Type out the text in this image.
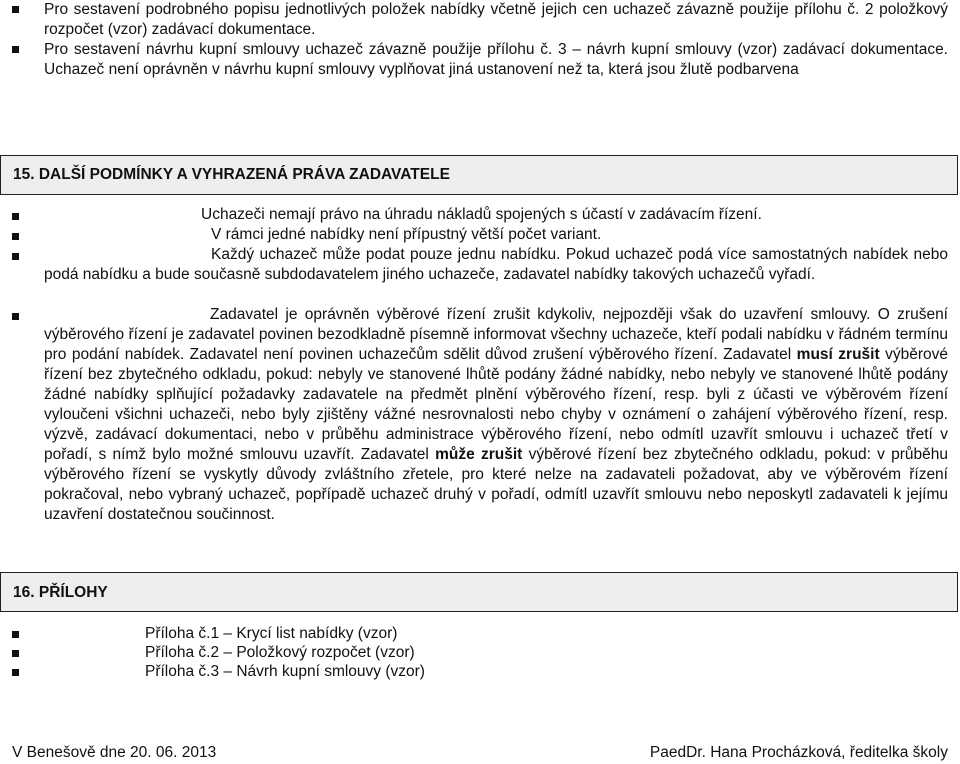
Pro sestavení podrobného popisu jednotlivých položek nabídky včetně jejich cen uchazeč závazně použije přílohu č. 2 položkový rozpočet (vzor) zadávací dokumentace.
Pro sestavení návrhu kupní smlouvy uchazeč závazně použije přílohu č. 3 – návrh kupní smlouvy (vzor) zadávací dokumentace. Uchazeč není oprávněn v návrhu kupní smlouvy vyplňovat jiná ustanovení než ta, která jsou žlutě podbarvena
15. DALŠÍ PODMÍNKY A VYHRAZENÁ PRÁVA ZADAVATELE
Uchazeči nemají právo na úhradu nákladů spojených s účastí v zadávacím řízení.
V rámci jedné nabídky není přípustný větší počet variant.
Každý uchazeč může podat pouze jednu nabídku. Pokud uchazeč podá více samostatných nabídek nebo podá nabídku a bude současně subdodavatelem jiného uchazeče, zadavatel nabídky takových uchazečů vyřadí.
Zadavatel je oprávněn výběrové řízení zrušit kdykoliv, nejpozději však do uzavření smlouvy. O zrušení výběrového řízení je zadavatel povinen bezodkladně písemně informovat všechny uchazeče, kteří podali nabídku v řádném termínu pro podání nabídek. Zadavatel není povinen uchazečům sdělit důvod zrušení výběrového řízení. Zadavatel musí zrušit výběrové řízení bez zbytečného odkladu, pokud: nebyly ve stanovené lhůtě podány žádné nabídky, nebo nebyly ve stanovené lhůtě podány žádné nabídky splňující požadavky zadavatele na předmět plnění výběrového řízení, resp. byli z účasti ve výběrovém řízení vyloučeni všichni uchazeči, nebo byly zjištěny vážné nesrovnalosti nebo chyby v oznámení o zahájení výběrového řízení, resp. výzvě, zadávací dokumentaci, nebo v průběhu administrace výběrového řízení, nebo odmítl uzavřít smlouvu i uchazeč třetí v pořadí, s nímž bylo možné smlouvu uzavřít. Zadavatel může zrušit výběrové řízení bez zbytečného odkladu, pokud: v průběhu výběrového řízení se vyskytly důvody zvláštního zřetele, pro které nelze na zadavateli požadovat, aby ve výběrovém řízení pokračoval, nebo vybraný uchazeč, popřípadě uchazeč druhý v pořadí, odmítl uzavřít smlouvu nebo neposkytl zadavateli k jejímu uzavření dostatečnou součinnost.
16. PŘÍLOHY
Příloha č.1 – Krycí list nabídky (vzor)
Příloha č.2 – Položkový rozpočet (vzor)
Příloha č.3 – Návrh kupní smlouvy (vzor)
V Benešově dne 20. 06. 2013	PaedDr. Hana Procházková, ředitelka školy
